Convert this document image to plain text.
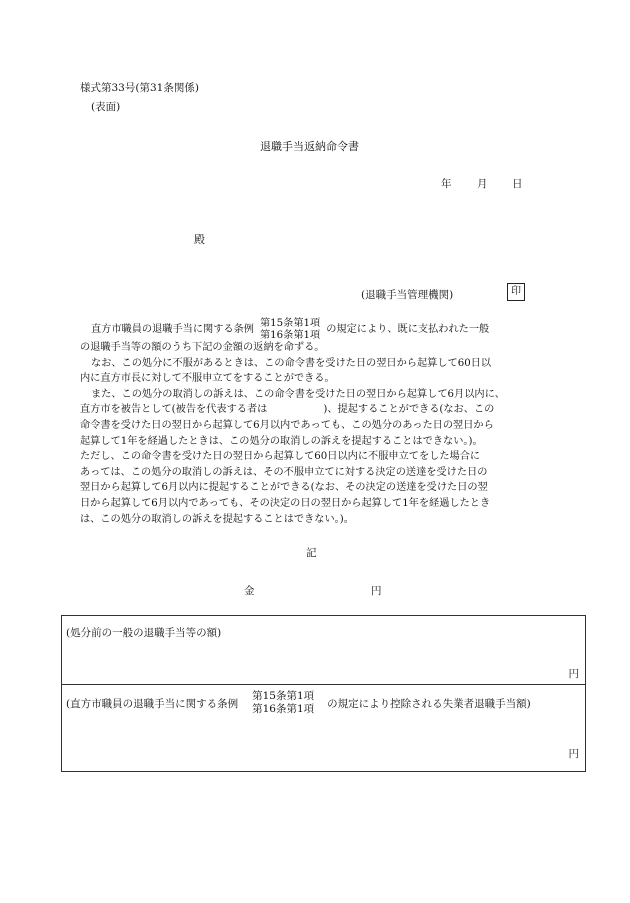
様式第33号(第31条関係)
(表面)
退職手当返納命令書
年 月 日
殿
(退職手当管理機関)	印
直方市職員の退職手当に関する条例
第15条第1項
第16条第1項
の規定により、既に支払われた一般
の退職手当等の額のうち下記の金額の返納を命ずる。
なお、この処分に不服があるときは、この命令書を受けた日の翌日から起算して60日以
内に直方市長に対して不服申立てをすることができる。
また、この処分の取消しの訴えは、この命令書を受けた日の翌日から起算して6月以内に、
直方市を被告として(被告を代表する者は	)、提起することができる(なお、この
命令書を受けた日の翌日から起算して6月以内であっても、この処分のあった日の翌日から
起算して1年を経過したときは、この処分の取消しの訴えを提起することはできない。)。
ただし、この命令書を受けた日の翌日から起算して60日以内に不服申立てをした場合に
あっては、この処分の取消しの訴えは、その不服申立てに対する決定の送達を受けた日の
翌日から起算して6月以内に提起することができる(なお、その決定の送達を受けた日の翌
日から起算して6月以内であっても、その決定の日の翌日から起算して1年を経過したとき
は、この処分の取消しの訴えを提起することはできない。)。
記
金	円
(処分前の一般の退職手当等の額)
円
(直方市職員の退職手当に関する条例
第15条第1項
第16条第1項 の規定により控除される失業者退職手当額)
円
